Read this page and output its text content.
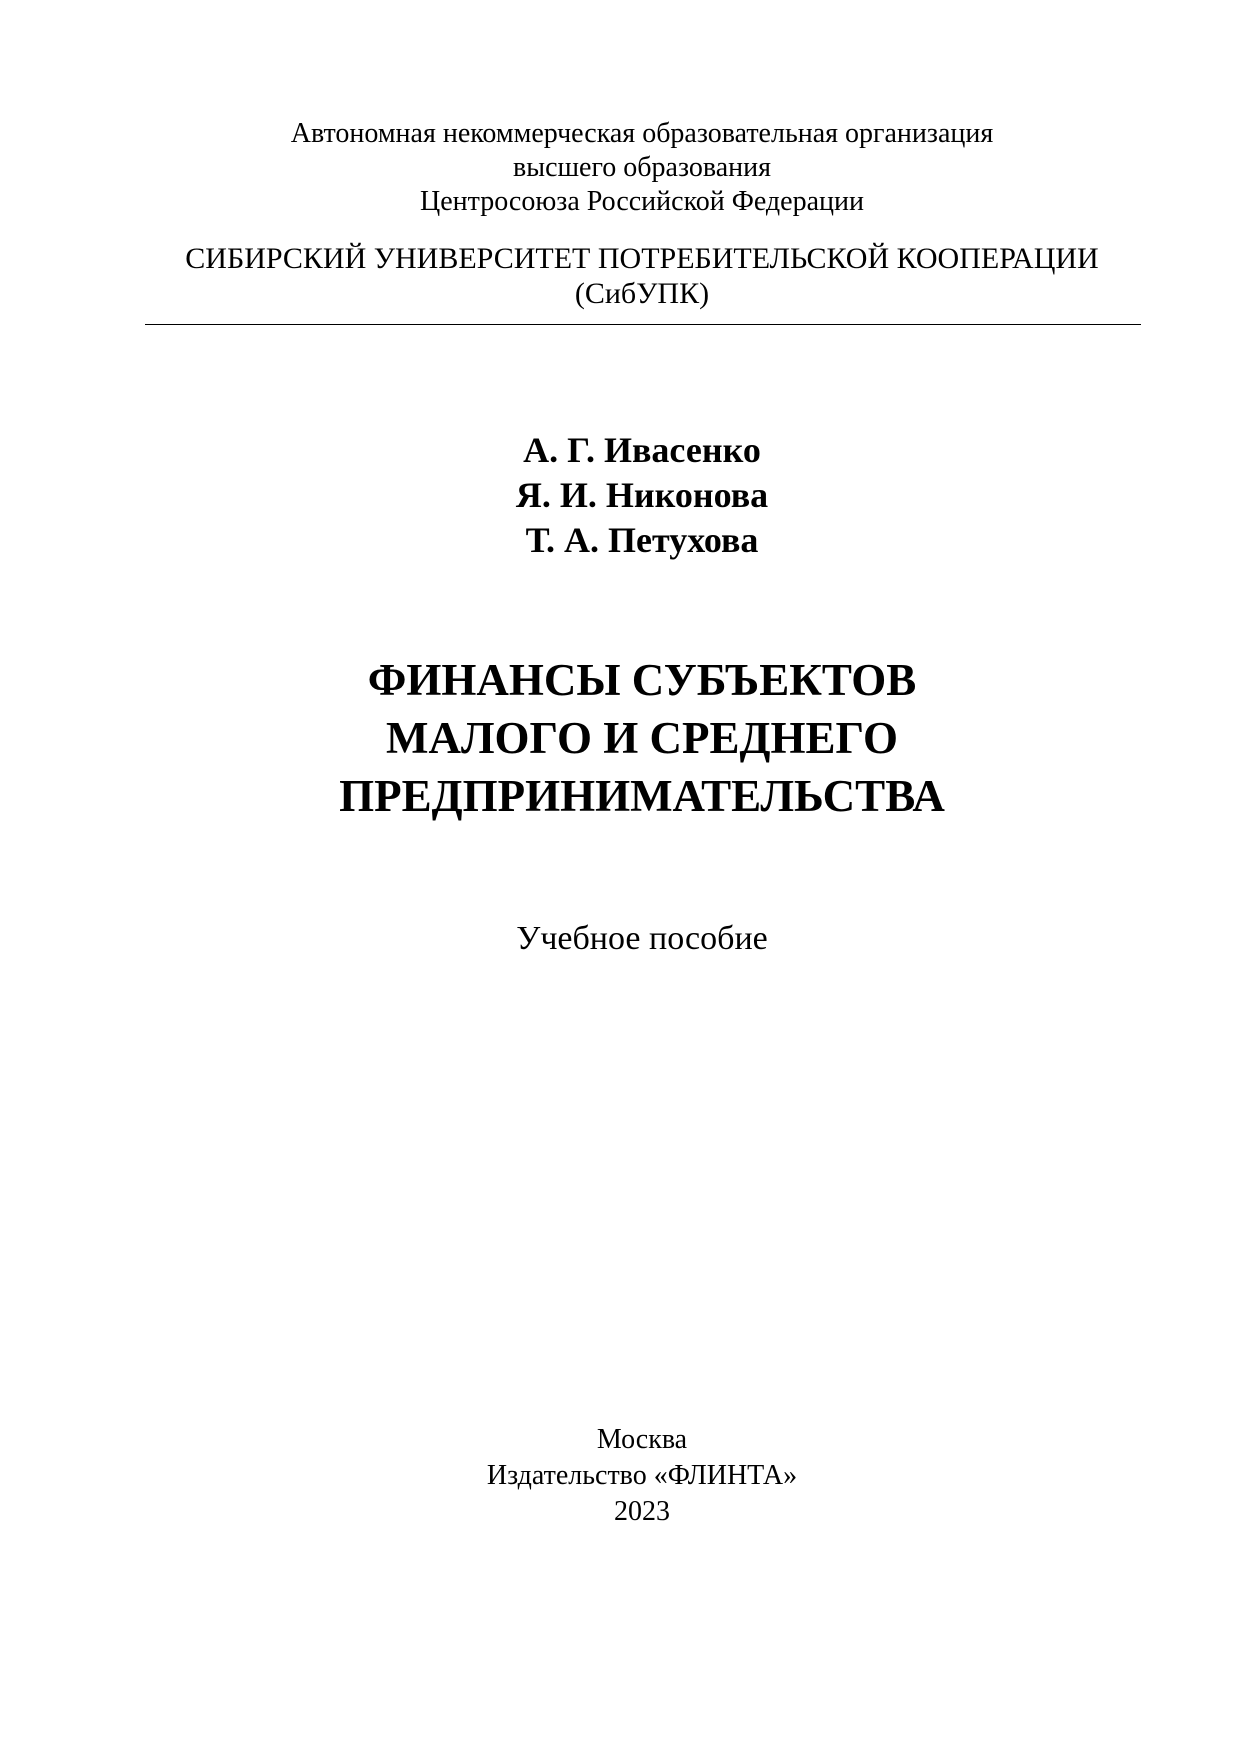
Автономная некоммерческая образовательная организация
высшего образования
Центросоюза Российской Федерации
СИБИРСКИЙ УНИВЕРСИТЕТ ПОТРЕБИТЕЛЬСКОЙ КООПЕРАЦИИ
(СибУПК)
А. Г. Ивасенко
Я. И. Никонова
Т. А. Петухова
ФИНАНСЫ СУБЪЕКТОВ
МАЛОГО И СРЕДНЕГО
ПРЕДПРИНИМАТЕЛЬСТВА
Учебное пособие
Москва
Издательство «ФЛИНТА»
2023
